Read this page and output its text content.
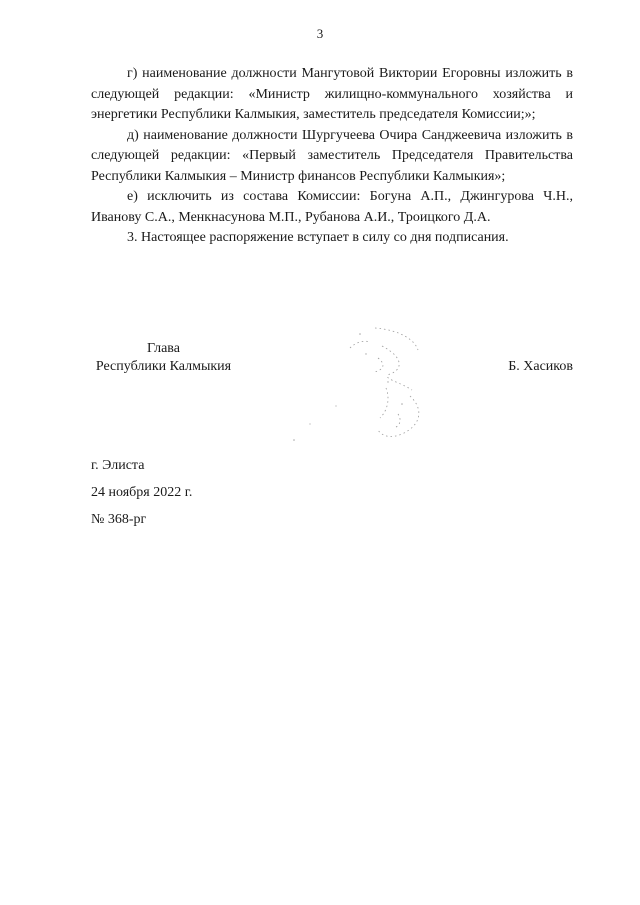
3

г) наименование должности Мангутовой Виктории Егоровны изложить в следующей редакции: «Министр жилищно-коммунального хозяйства и энергетики Республики Калмыкия, заместитель председателя Комиссии;»;

д) наименование должности Шургучеева Очира Санджеевича изложить в следующей редакции: «Первый заместитель Председателя Правительства Республики Калмыкия – Министр финансов Республики Калмыкия»;

е) исключить из состава Комиссии: Богуна А.П., Джингурова Ч.Н., Иванову С.А., Менкнасунова М.П., Рубанова А.И., Троицкого Д.А.

3. Настоящее распоряжение вступает в силу со дня подписания.

Глава
Республики Калмыкия	Б. Хасиков
г. Элиста
24 ноября 2022 г.
№ 368-рг
